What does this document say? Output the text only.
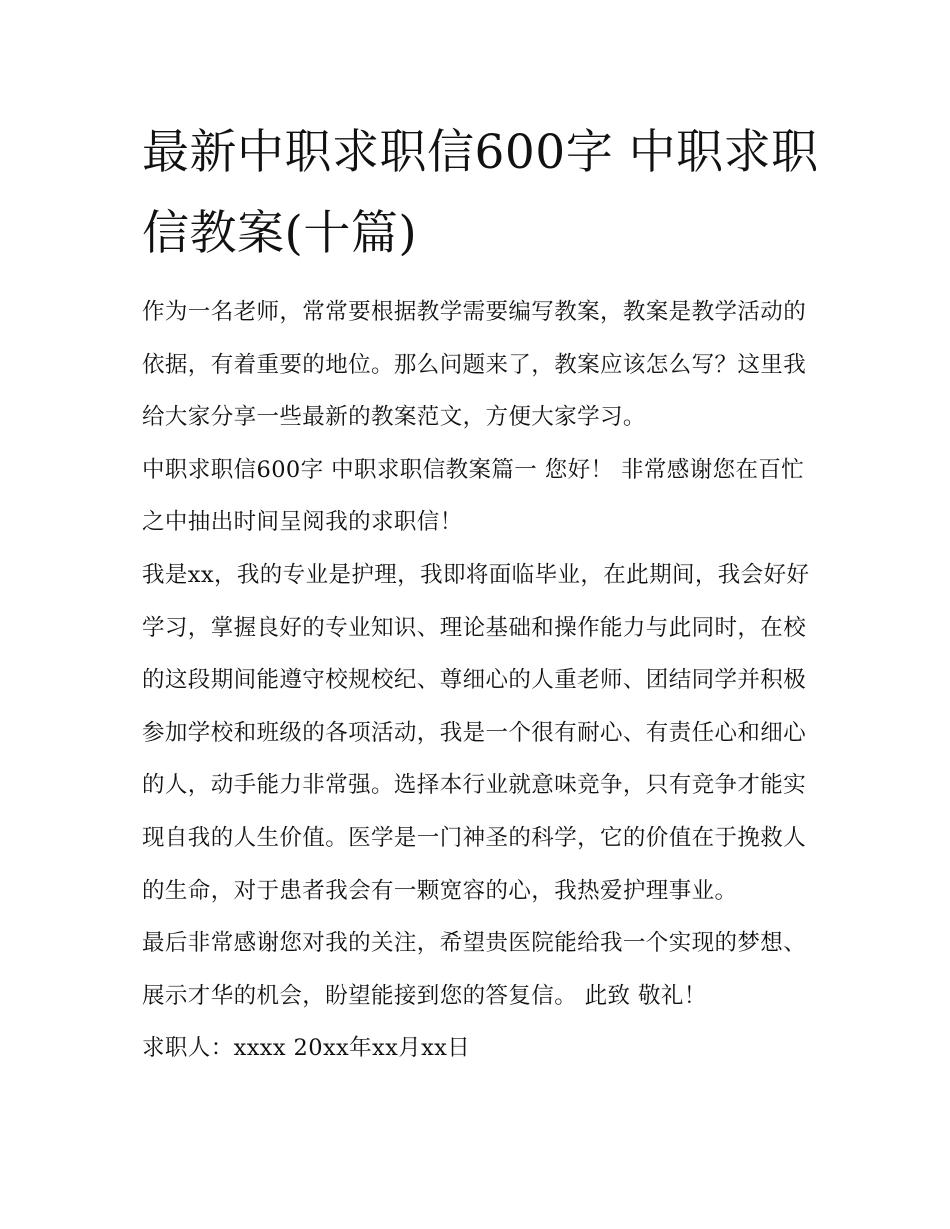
最新中职求职信600字 中职求职信教案(十篇)

作为一名老师，常常要根据教学需要编写教案，教案是教学活动的依据，有着重要的地位。那么问题来了，教案应该怎么写？这里我给大家分享一些最新的教案范文，方便大家学习。

中职求职信600字 中职求职信教案篇一 您好！ 非常感谢您在百忙之中抽出时间呈阅我的求职信！

我是xx，我的专业是护理，我即将面临毕业，在此期间，我会好好学习，掌握良好的专业知识、理论基础和操作能力与此同时，在校的这段期间能遵守校规校纪、尊细心的人重老师、团结同学并积极参加学校和班级的各项活动，我是一个很有耐心、有责任心和细心的人，动手能力非常强。选择本行业就意味竞争，只有竞争才能实现自我的人生价值。医学是一门神圣的科学，它的价值在于挽救人的生命，对于患者我会有一颗宽容的心，我热爱护理事业。

最后非常感谢您对我的关注，希望贵医院能给我一个实现的梦想、展示才华的机会，盼望能接到您的答复信。 此致 敬礼！

求职人：xxxx 20xx年xx月xx日
